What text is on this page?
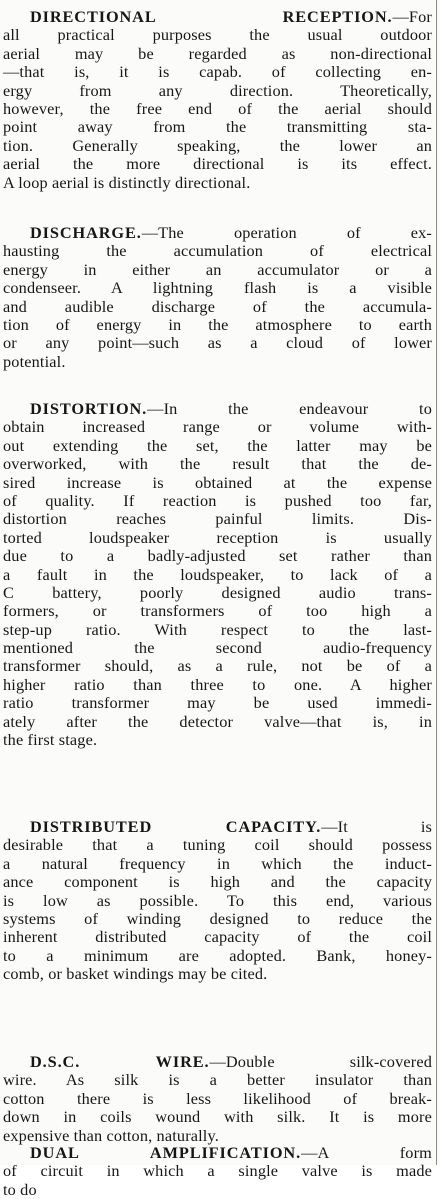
DIRECTIONAL RECEPTION.—For
all practical purposes the usual outdoor
aerial may be regarded as non-directional
—that is, it is capab. of collecting en-
ergy from any direction. Theoretically,
however, the free end of the aerial should
point away from the transmitting sta-
tion. Generally speaking, the lower an
aerial the more directional is its effect.
A loop aerial is distinctly directional.
DISCHARGE.—The operation of ex-
hausting the accumulation of electrical
energy in either an accumulator or a
condenseer. A lightning flash is a visible
and audible discharge of the accumula-
tion of energy in the atmosphere to earth
or any point—such as a cloud of lower
potential.
DISTORTION.—In the endeavour to
obtain increased range or volume with-
out extending the set, the latter may be
overworked, with the result that the de-
sired increase is obtained at the expense
of quality. If reaction is pushed too far,
distortion reaches painful limits. Dis-
torted loudspeaker reception is usually
due to a badly-adjusted set rather than
a fault in the loudspeaker, to lack of a
C battery, poorly designed audio trans-
formers, or transformers of too high a
step-up ratio. With respect to the last-
mentioned the second audio-frequency
transformer should, as a rule, not be of a
higher ratio than three to one. A higher
ratio transformer may be used immedi-
ately after the detector valve—that is, in
the first stage.
DISTRIBUTED CAPACITY.—It is
desirable that a tuning coil should possess
a natural frequency in which the induct-
ance component is high and the capacity
is low as possible. To this end, various
systems of winding designed to reduce the
inherent distributed capacity of the coil
to a minimum are adopted. Bank, honey-
comb, or basket windings may be cited.
D.S.C. WIRE.—Double silk-covered
wire. As silk is a better insulator than
cotton there is less likelihood of break-
down in coils wound with silk. It is more
expensive than cotton, naturally.
DUAL AMPLIFICATION.—A form
of circuit in which a single valve is made
to do
